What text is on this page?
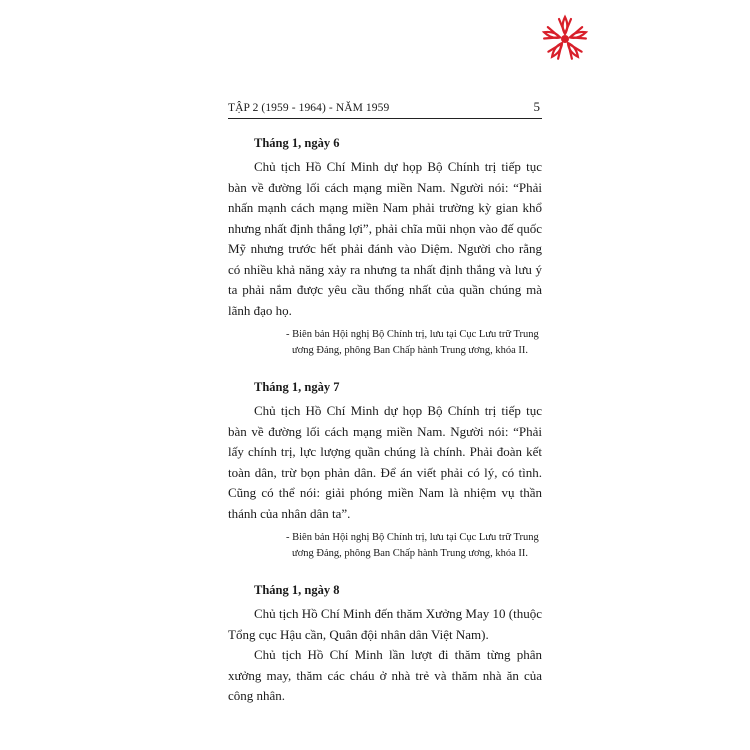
TẬP 2 (1959 - 1964) - NĂM 1959	5
Tháng 1, ngày 6

Chủ tịch Hồ Chí Minh dự họp Bộ Chính trị tiếp tục bàn về đường lối cách mạng miền Nam. Người nói: “Phải nhấn mạnh cách mạng miền Nam phải trường kỳ gian khổ nhưng nhất định thắng lợi”, phải chĩa mũi nhọn vào đế quốc Mỹ nhưng trước hết phải đánh vào Diệm. Người cho rằng có nhiều khả năng xảy ra nhưng ta nhất định thắng và lưu ý ta phải nắm được yêu cầu thống nhất của quần chúng mà lãnh đạo họ.

- Biên bản Hội nghị Bộ Chính trị, lưu tại Cục Lưu trữ Trung ương Đảng, phông Ban Chấp hành Trung ương, khóa II.

Tháng 1, ngày 7

Chủ tịch Hồ Chí Minh dự họp Bộ Chính trị tiếp tục bàn về đường lối cách mạng miền Nam. Người nói: “Phải lấy chính trị, lực lượng quần chúng là chính. Phải đoàn kết toàn dân, trừ bọn phản dân. Để án viết phải có lý, có tình. Cũng có thể nói: giải phóng miền Nam là nhiệm vụ thần thánh của nhân dân ta”.

- Biên bản Hội nghị Bộ Chính trị, lưu tại Cục Lưu trữ Trung ương Đảng, phông Ban Chấp hành Trung ương, khóa II.

Tháng 1, ngày 8

Chủ tịch Hồ Chí Minh đến thăm Xưởng May 10 (thuộc Tổng cục Hậu cần, Quân đội nhân dân Việt Nam).

Chủ tịch Hồ Chí Minh lần lượt đi thăm từng phân xưởng may, thăm các cháu ở nhà trẻ và thăm nhà ăn của công nhân.
